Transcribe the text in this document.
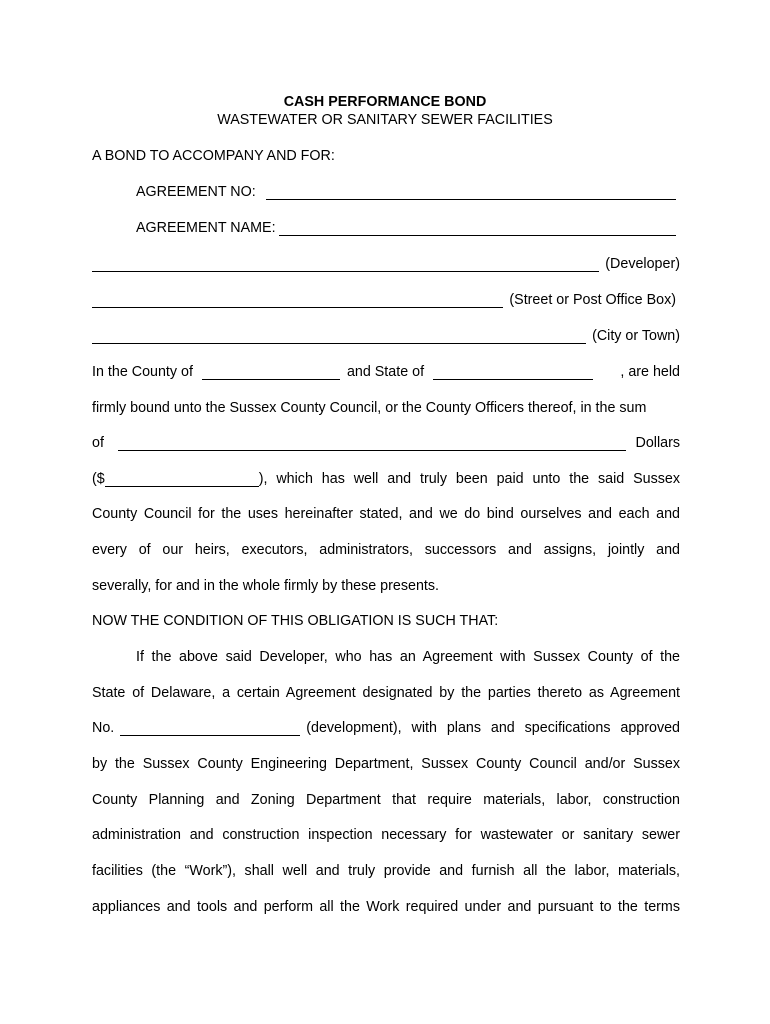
CASH PERFORMANCE BOND
WASTEWATER OR SANITARY SEWER FACILITIES
A BOND TO ACCOMPANY AND FOR:
AGREEMENT NO:
AGREEMENT NAME:
(Developer)
(Street or Post Office Box)
(City or Town)
In the County of	and State of	, are held
firmly bound unto the Sussex County Council, or the County Officers thereof, in the sum
of	Dollars
($	), which has well and truly been paid unto the said Sussex
County Council for the uses hereinafter stated, and we do bind ourselves and each and
every of our heirs, executors, administrators, successors and assigns, jointly and
severally, for and in the whole firmly by these presents.
NOW THE CONDITION OF THIS OBLIGATION IS SUCH THAT:
If the above said Developer, who has an Agreement with Sussex County of the
State of Delaware, a certain Agreement designated by the parties thereto as Agreement
No.	(development), with plans and specifications approved
by the Sussex County Engineering Department, Sussex County Council and/or Sussex
County Planning and Zoning Department that require materials, labor, construction
administration and construction inspection necessary for wastewater or sanitary sewer
facilities (the “Work”), shall well and truly provide and furnish all the labor, materials,
appliances and tools and perform all the Work required under and pursuant to the terms
